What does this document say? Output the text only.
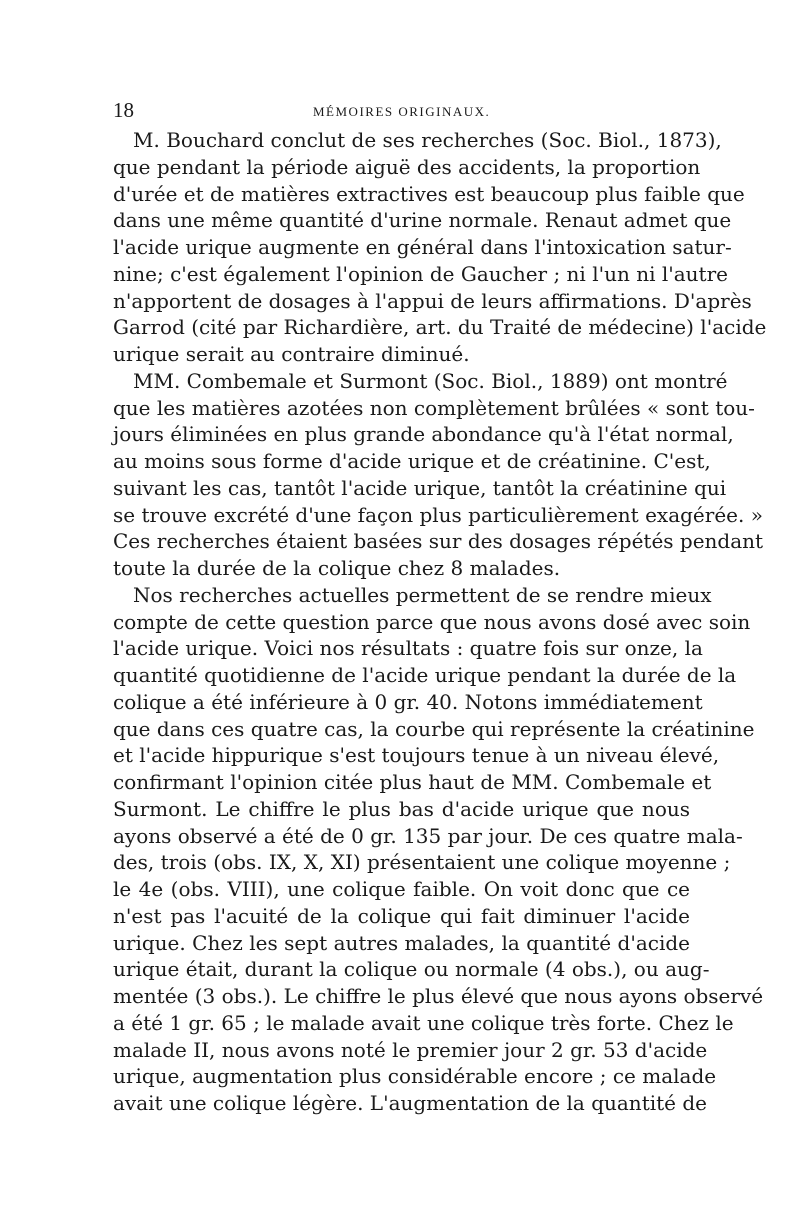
18	MÉMOIRES ORIGINAUX.
M. Bouchard conclut de ses recherches (Soc. Biol., 1873),
que pendant la période aiguë des accidents, la proportion
d'urée et de matières extractives est beaucoup plus faible que
dans une même quantité d'urine normale. Renaut admet que
l'acide urique augmente en général dans l'intoxication satur-
nine; c'est également l'opinion de Gaucher ; ni l'un ni l'autre
n'apportent de dosages à l'appui de leurs affirmations. D'après
Garrod (cité par Richardière, art. du Traité de médecine) l'acide
urique serait au contraire diminué.
MM. Combemale et Surmont (Soc. Biol., 1889) ont montré
que les matières azotées non complètement brûlées « sont tou-
jours éliminées en plus grande abondance qu'à l'état normal,
au moins sous forme d'acide urique et de créatinine. C'est,
suivant les cas, tantôt l'acide urique, tantôt la créatinine qui
se trouve excrété d'une façon plus particulièrement exagérée. »
Ces recherches étaient basées sur des dosages répétés pendant
toute la durée de la colique chez 8 malades.
Nos recherches actuelles permettent de se rendre mieux
compte de cette question parce que nous avons dosé avec soin
l'acide urique. Voici nos résultats : quatre fois sur onze, la
quantité quotidienne de l'acide urique pendant la durée de la
colique a été inférieure à 0 gr. 40. Notons immédiatement
que dans ces quatre cas, la courbe qui représente la créatinine
et l'acide hippurique s'est toujours tenue à un niveau élevé,
confirmant l'opinion citée plus haut de MM. Combemale et
Surmont. Le chiffre le plus bas d'acide urique que nous
ayons observé a été de 0 gr. 135 par jour. De ces quatre mala-
des, trois (obs. IX, X, XI) présentaient une colique moyenne ;
le 4e (obs. VIII), une colique faible. On voit donc que ce
n'est pas l'acuité de la colique qui fait diminuer l'acide
urique. Chez les sept autres malades, la quantité d'acide
urique était, durant la colique ou normale (4 obs.), ou aug-
mentée (3 obs.). Le chiffre le plus élevé que nous ayons observé
a été 1 gr. 65 ; le malade avait une colique très forte. Chez le
malade II, nous avons noté le premier jour 2 gr. 53 d'acide
urique, augmentation plus considérable encore ; ce malade
avait une colique légère. L'augmentation de la quantité de
